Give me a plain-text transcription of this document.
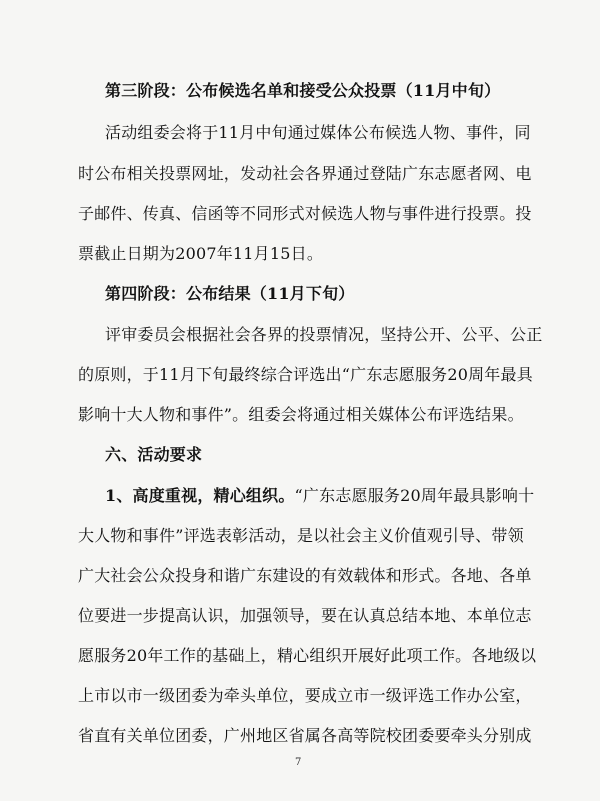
第三阶段：公布候选名单和接受公众投票（11月中旬）
活动组委会将于11月中旬通过媒体公布候选人物、事件，同
时公布相关投票网址，发动社会各界通过登陆广东志愿者网、电
子邮件、传真、信函等不同形式对候选人物与事件进行投票。投
票截止日期为2007年11月15日。
第四阶段：公布结果（11月下旬）
评审委员会根据社会各界的投票情况，坚持公开、公平、公正
的原则，于11月下旬最终综合评选出“广东志愿服务20周年最具
影响十大人物和事件”。组委会将通过相关媒体公布评选结果。
六、活动要求
1、高度重视，精心组织。“广东志愿服务20周年最具影响十
大人物和事件”评选表彰活动，是以社会主义价值观引导、带领
广大社会公众投身和谐广东建设的有效载体和形式。各地、各单
位要进一步提高认识，加强领导，要在认真总结本地、本单位志
愿服务20年工作的基础上，精心组织开展好此项工作。各地级以
上市以市一级团委为牵头单位，要成立市一级评选工作办公室，
省直有关单位团委，广州地区省属各高等院校团委要牵头分别成
7
